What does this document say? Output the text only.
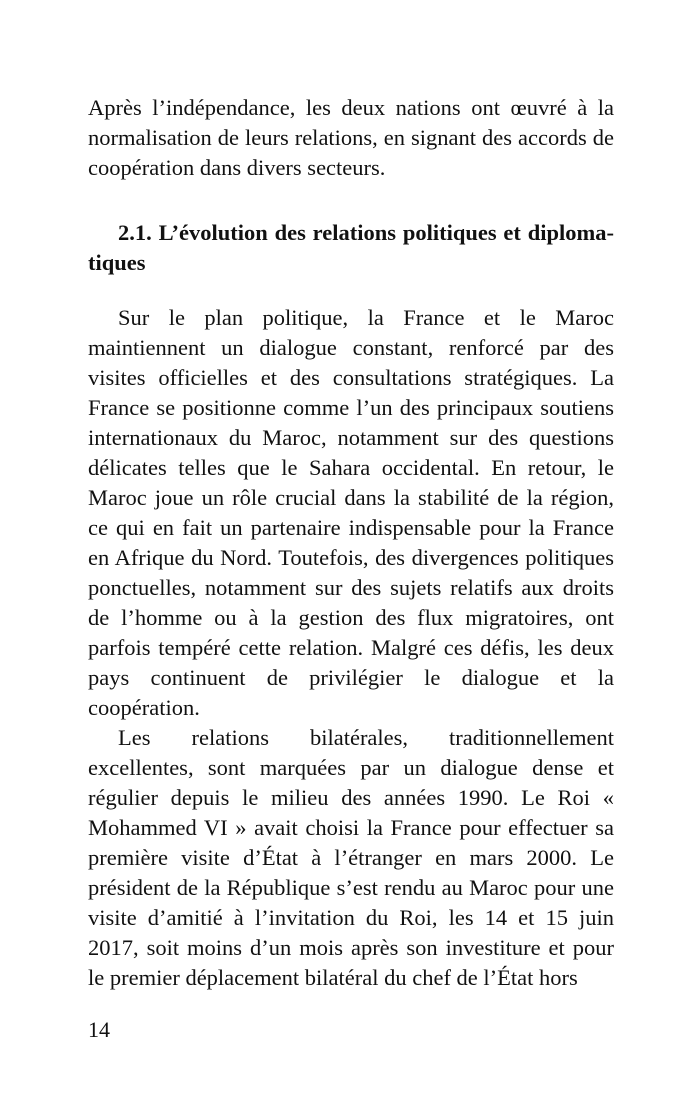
Après l’indépendance, les deux nations ont œuvré à la normalisation de leurs relations, en signant des accords de coopération dans divers secteurs.
2.1. L’évolution des relations politiques et diploma-tiques

Sur le plan politique, la France et le Maroc maintiennent un dialogue constant, renforcé par des visites officielles et des consultations stratégiques. La France se positionne comme l’un des principaux soutiens internationaux du Maroc, notamment sur des questions délicates telles que le Sahara occidental. En retour, le Maroc joue un rôle crucial dans la stabilité de la région, ce qui en fait un partenaire indispensable pour la France en Afrique du Nord. Toutefois, des divergences politiques ponctuelles, notamment sur des sujets relatifs aux droits de l’homme ou à la gestion des flux migratoires, ont parfois tempéré cette relation. Malgré ces défis, les deux pays continuent de privilégier le dialogue et la coopération.

Les relations bilatérales, traditionnellement excellentes, sont marquées par un dialogue dense et régulier depuis le milieu des années 1990. Le Roi « Mohammed VI » avait choisi la France pour effectuer sa première visite d’État à l’étranger en mars 2000. Le président de la République s’est rendu au Maroc pour une visite d’amitié à l’invitation du Roi, les 14 et 15 juin 2017, soit moins d’un mois après son investiture et pour le premier déplacement bilatéral du chef de l’État hors

14
